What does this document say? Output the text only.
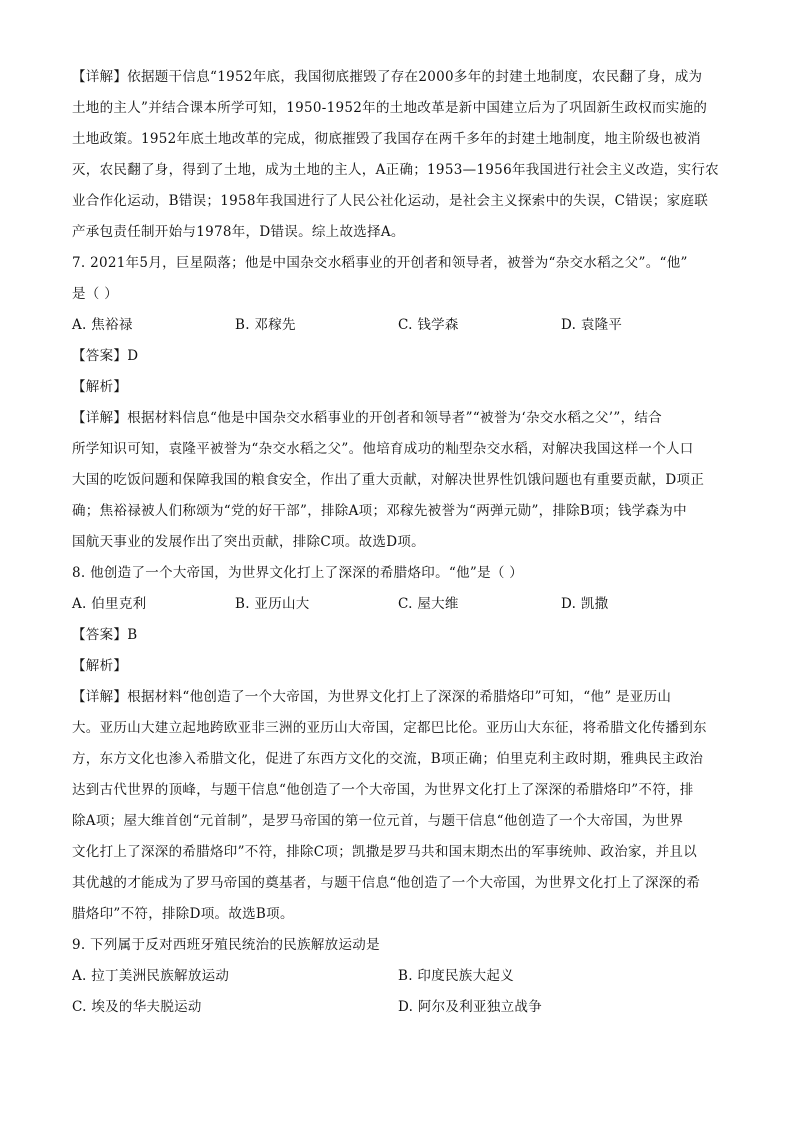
【详解】依据题干信息“1952年底，我国彻底摧毁了存在2000多年的封建土地制度，农民翻了身，成为
土地的主人”并结合课本所学可知，1950-1952年的土地改革是新中国建立后为了巩固新生政权而实施的
土地政策。1952年底土地改革的完成，彻底摧毁了我国存在两千多年的封建土地制度，地主阶级也被消
灭，农民翻了身，得到了土地，成为土地的主人，A正确；1953—1956年我国进行社会主义改造，实行农
业合作化运动，B错误；1958年我国进行了人民公社化运动，是社会主义探索中的失误，C错误；家庭联
产承包责任制开始与1978年，D错误。综上故选择A。
7. 2021年5月，巨星陨落；他是中国杂交水稻事业的开创者和领导者，被誉为“杂交水稻之父”。“他”
是（ ）
A. 焦裕禄	B. 邓稼先	C. 钱学森	D. 袁隆平
【答案】D
【解析】
【详解】根据材料信息“他是中国杂交水稻事业的开创者和领导者”“被誉为‘杂交水稻之父’”，结合
所学知识可知，袁隆平被誉为“杂交水稻之父”。他培育成功的籼型杂交水稻，对解决我国这样一个人口
大国的吃饭问题和保障我国的粮食安全，作出了重大贡献，对解决世界性饥饿问题也有重要贡献，D项正
确；焦裕禄被人们称颂为“党的好干部”，排除A项；邓稼先被誉为“两弹元勋”，排除B项；钱学森为中
国航天事业的发展作出了突出贡献，排除C项。故选D项。
8. 他创造了一个大帝国，为世界文化打上了深深的希腊烙印。“他”是（ ）
A. 伯里克利	B. 亚历山大	C. 屋大维	D. 凯撒
【答案】B
【解析】
【详解】根据材料“他创造了一个大帝国，为世界文化打上了深深的希腊烙印”可知，“他” 是亚历山
大。亚历山大建立起地跨欧亚非三洲的亚历山大帝国，定都巴比伦。亚历山大东征，将希腊文化传播到东
方，东方文化也渗入希腊文化，促进了东西方文化的交流，B项正确；伯里克利主政时期，雅典民主政治
达到古代世界的顶峰，与题干信息“他创造了一个大帝国，为世界文化打上了深深的希腊烙印”不符，排
除A项；屋大维首创“元首制”，是罗马帝国的第一位元首，与题干信息“他创造了一个大帝国，为世界
文化打上了深深的希腊烙印”不符，排除C项；凯撒是罗马共和国末期杰出的军事统帅、政治家，并且以
其优越的才能成为了罗马帝国的奠基者，与题干信息“他创造了一个大帝国，为世界文化打上了深深的希
腊烙印”不符，排除D项。故选B项。
9. 下列属于反对西班牙殖民统治的民族解放运动是
A. 拉丁美洲民族解放运动	B. 印度民族大起义
C. 埃及的华夫脱运动	D. 阿尔及利亚独立战争
